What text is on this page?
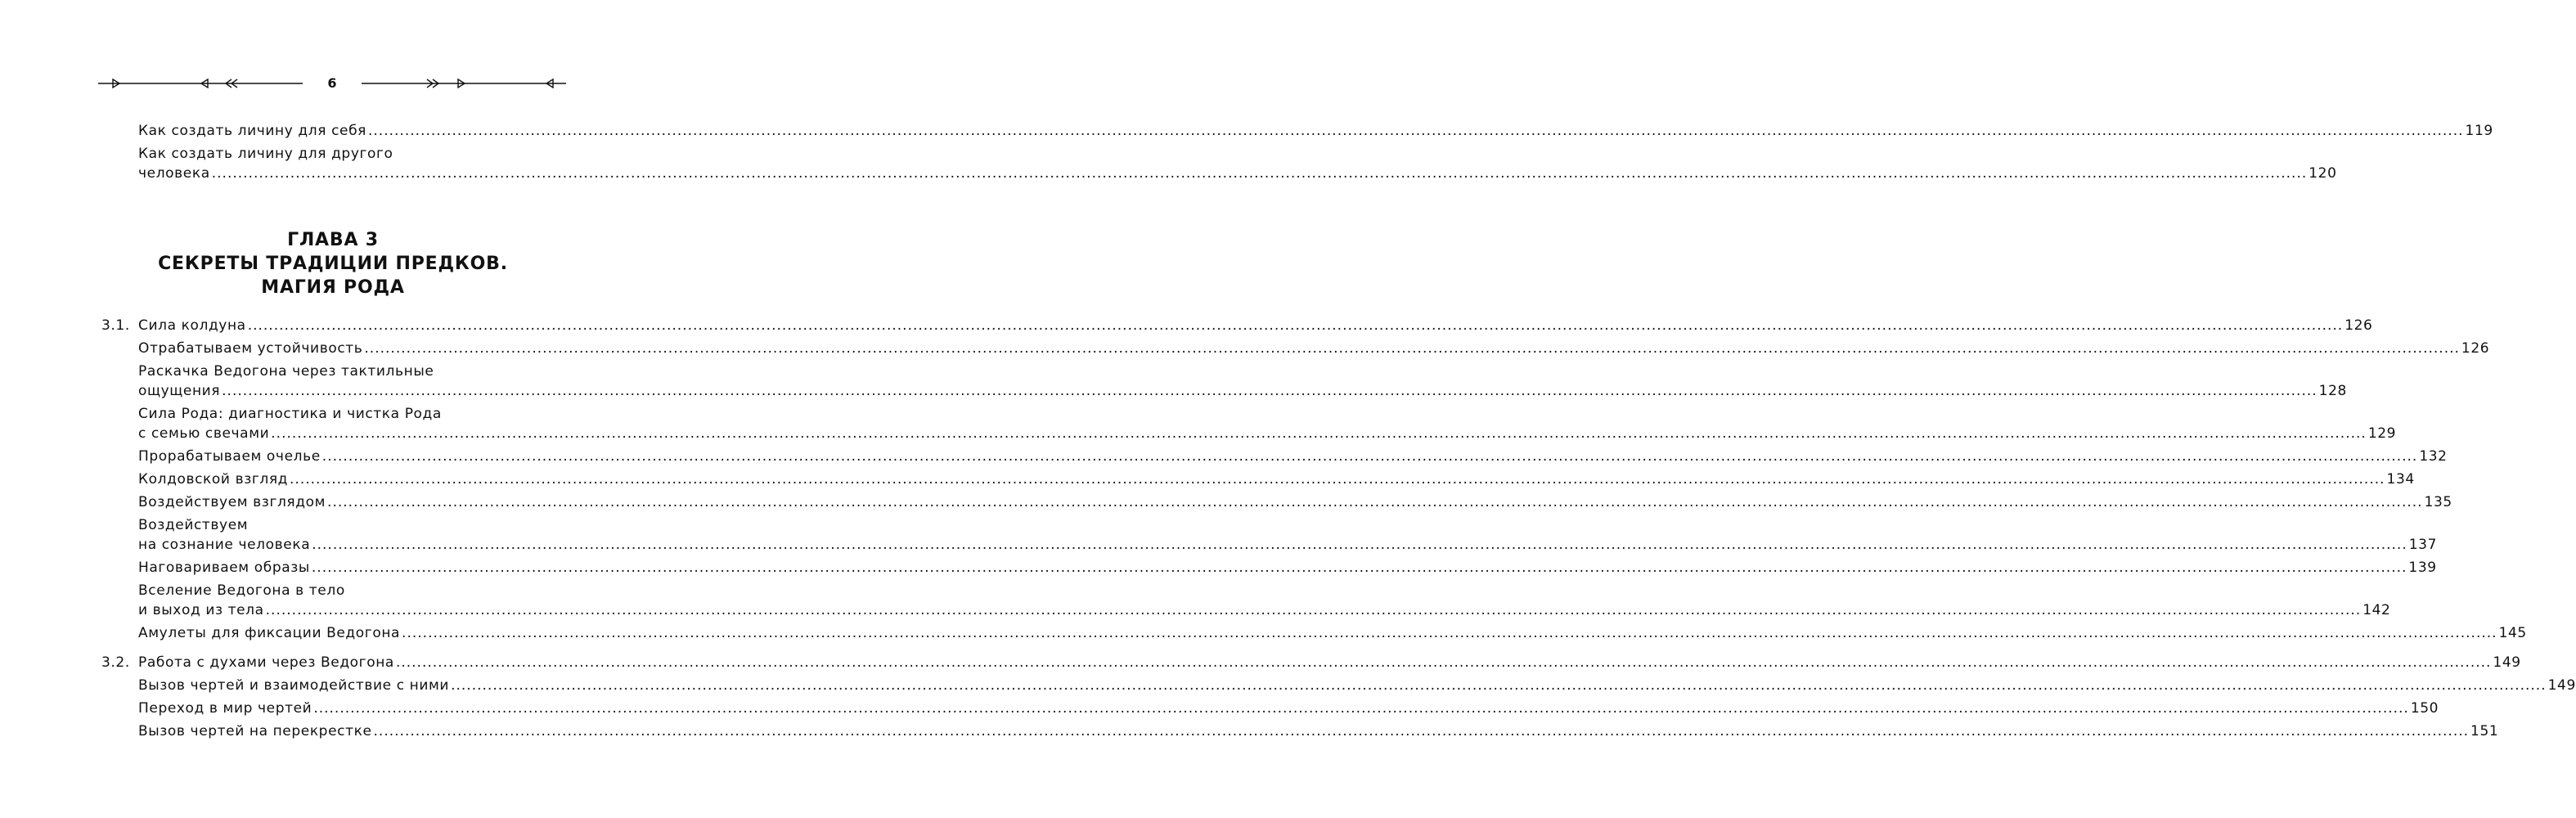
6
Как создать личину для себя ................................................................................................................................................................................................................................................................................................................................................................................................................ 119
Как создать личину для другого
человека ................................................................................................................................................................................................................................................................................................................................................................................................................ 120
ГЛАВА 3
СЕКРЕТЫ ТРАДИЦИИ ПРЕДКОВ.
МАГИЯ РОДА
3.1. Сила колдуна ................................................................................................................................................................................................................................................................................................................................................................................................................ 126
Отрабатываем устойчивость ................................................................................................................................................................................................................................................................................................................................................................................................................ 126
Раскачка Ведогона через тактильные
ощущения ................................................................................................................................................................................................................................................................................................................................................................................................................ 128
Сила Рода: диагностика и чистка Рода
с семью свечами ................................................................................................................................................................................................................................................................................................................................................................................................................ 129
Прорабатываем очелье ................................................................................................................................................................................................................................................................................................................................................................................................................ 132
Колдовской взгляд ................................................................................................................................................................................................................................................................................................................................................................................................................ 134
Воздействуем взглядом ................................................................................................................................................................................................................................................................................................................................................................................................................ 135
Воздействуем
на сознание человека ................................................................................................................................................................................................................................................................................................................................................................................................................ 137
Наговариваем образы ................................................................................................................................................................................................................................................................................................................................................................................................................ 139
Вселение Ведогона в тело
и выход из тела ................................................................................................................................................................................................................................................................................................................................................................................................................ 142
Амулеты для фиксации Ведогона ................................................................................................................................................................................................................................................................................................................................................................................................................ 145
3.2. Работа с духами через Ведогона ................................................................................................................................................................................................................................................................................................................................................................................................................ 149
Вызов чертей и взаимодействие с ними ................................................................................................................................................................................................................................................................................................................................................................................................................ 149
Переход в мир чертей ................................................................................................................................................................................................................................................................................................................................................................................................................ 150
Вызов чертей на перекрестке ................................................................................................................................................................................................................................................................................................................................................................................................................ 151
